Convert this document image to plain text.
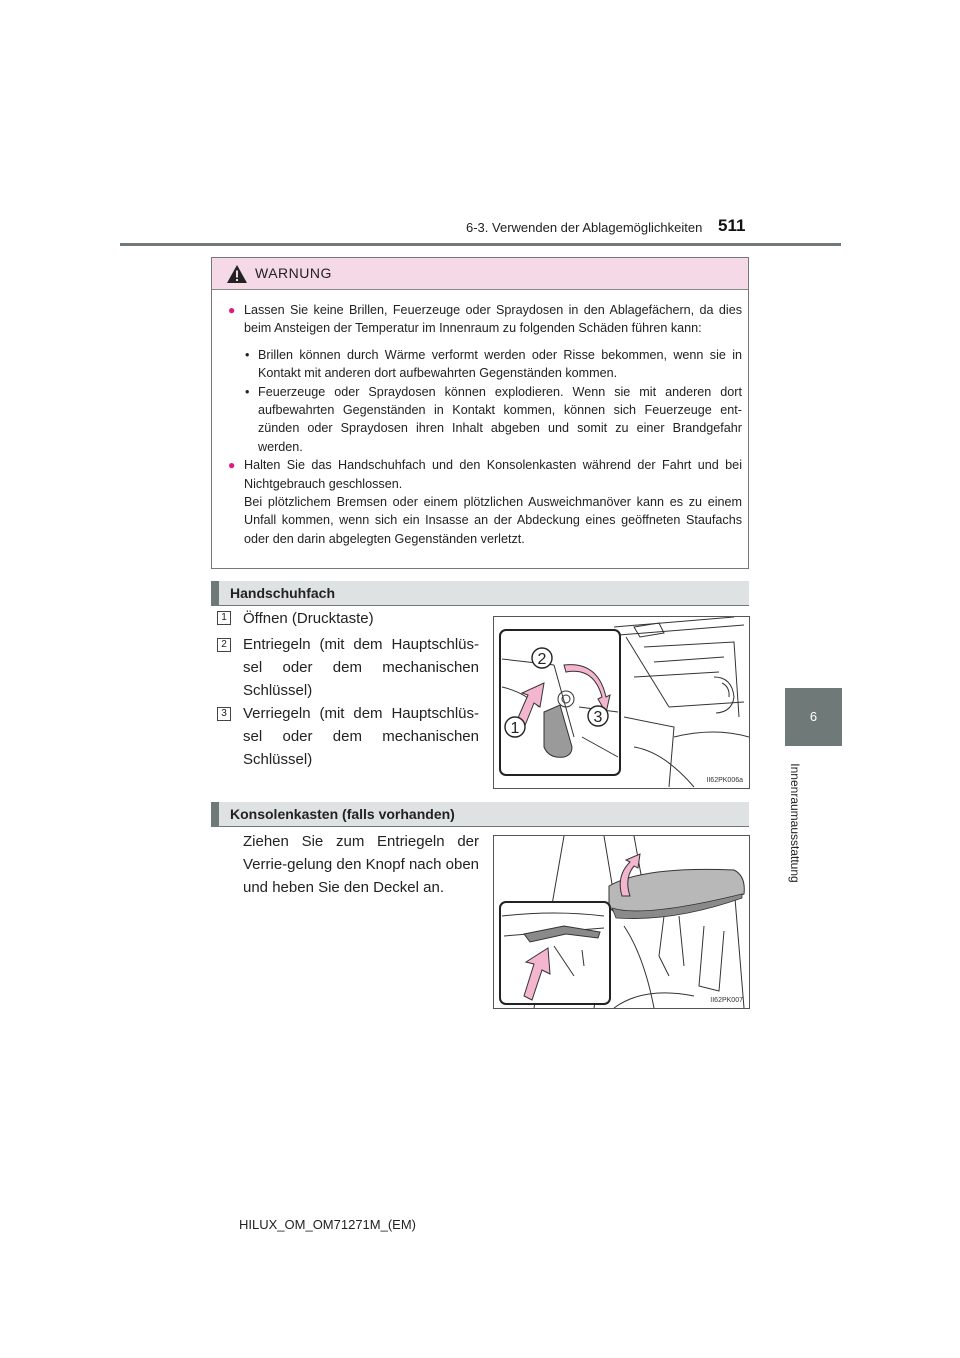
6-3. Verwenden der Ablagemöglichkeiten 511
6
Innenraumausstattung
WARNUNG

● Lassen Sie keine Brillen, Feuerzeuge oder Spraydosen in den Ablagefächern, da dies beim Ansteigen der Temperatur im Innenraum zu folgenden Schäden führen kann:

• Brillen können durch Wärme verformt werden oder Risse bekommen, wenn sie in Kontakt mit anderen dort aufbewahrten Gegenständen kommen.

• Feuerzeuge oder Spraydosen können explodieren. Wenn sie mit anderen dort aufbewahrten Gegenständen in Kontakt kommen, können sich Feuerzeuge ent-zünden oder Spraydosen ihren Inhalt abgeben und somit zu einer Brandgefahr werden.

● Halten Sie das Handschuhfach und den Konsolenkasten während der Fahrt und bei Nichtgebrauch geschlossen.
Bei plötzlichem Bremsen oder einem plötzlichen Ausweichmanöver kann es zu einem Unfall kommen, wenn sich ein Insasse an der Abdeckung eines geöffneten Staufachs oder den darin abgelegten Gegenständen verletzt.

Handschuhfach
1 Öffnen (Drucktaste)
2 Entriegeln (mit dem Hauptschlüs-sel oder dem mechanischen Schlüssel)
3 Verriegeln (mit dem Hauptschlüs-sel oder dem mechanischen Schlüssel)
2
1
3
II62PK006a
Konsolenkasten (falls vorhanden)
Ziehen Sie zum Entriegeln der Verrie-gelung den Knopf nach oben und heben Sie den Deckel an.
II62PK007
HILUX_OM_OM71271M_(EM)
